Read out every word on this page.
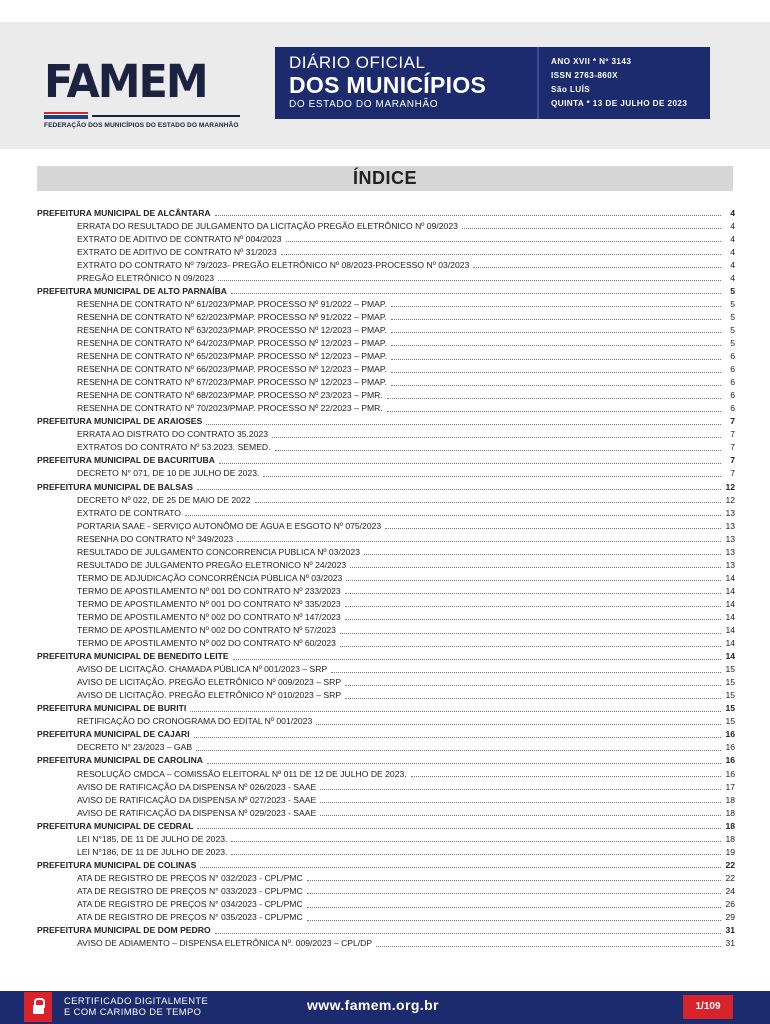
FAMEM
FEDERAÇÃO DOS MUNICÍPIOS DO ESTADO DO MARANHÃO
DIÁRIO OFICIAL
DOS MUNICÍPIOS
DO ESTADO DO MARANHÃO
ANO XVII * Nº 3143
ISSN 2763-860X
São LUÍS
QUINTA * 13 DE JULHO DE 2023
ÍNDICE
PREFEITURA MUNICIPAL DE ALCÂNTARA	4
ERRATA DO RESULTADO DE JULGAMENTO DA LICITAÇÃO PREGÃO ELETRÔNICO Nº 09/2023	4
EXTRATO DE ADITIVO DE CONTRATO Nº 004/2023	4
EXTRATO DE ADITIVO DE CONTRATO Nº 31/2023	4
EXTRATO DO CONTRATO Nº 79/2023- PREGÃO ELETRÔNICO Nº 08/2023-PROCESSO Nº 03/2023	4
PREGÃO ELETRÔNICO N 09/2023	4
PREFEITURA MUNICIPAL DE ALTO PARNAÍBA	5
RESENHA DE CONTRATO Nº 61/2023/PMAP. PROCESSO Nº 91/2022 – PMAP.	5
RESENHA DE CONTRATO Nº 62/2023/PMAP. PROCESSO Nº 91/2022 – PMAP.	5
RESENHA DE CONTRATO Nº 63/2023/PMAP. PROCESSO Nº 12/2023 – PMAP.	5
RESENHA DE CONTRATO Nº 64/2023/PMAP. PROCESSO Nº 12/2023 – PMAP.	5
RESENHA DE CONTRATO Nº 65/2023/PMAP. PROCESSO Nº 12/2023 – PMAP.	6
RESENHA DE CONTRATO Nº 66/2023/PMAP. PROCESSO Nº 12/2023 – PMAP.	6
RESENHA DE CONTRATO Nº 67/2023/PMAP. PROCESSO Nº 12/2023 – PMAP.	6
RESENHA DE CONTRATO Nº 68/2023/PMAP. PROCESSO Nº 23/2023 – PMR.	6
RESENHA DE CONTRATO Nº 70/2023/PMAP. PROCESSO Nº 22/2023 – PMR.	6
PREFEITURA MUNICIPAL DE ARAIOSES	7
ERRATA AO DISTRATO DO CONTRATO 35.2023	7
EXTRATOS DO CONTRATO Nº 53.2023. SEMED.	7
PREFEITURA MUNICIPAL DE BACURITUBA	7
DECRETO N° 071, DE 10 DE JULHO DE 2023.	7
PREFEITURA MUNICIPAL DE BALSAS	12
DECRETO Nº 022, DE 25 DE MAIO DE 2022	12
EXTRATO DE CONTRATO	13
PORTARIA SAAE - SERVIÇO AUTONÔMO DE ÁGUA E ESGOTO Nº 075/2023	13
RESENHA DO CONTRATO Nº 349/2023	13
RESULTADO DE JULGAMENTO CONCORRENCIA PUBLICA Nº 03/2023	13
RESULTADO DE JULGAMENTO PREGÃO ELETRONICO Nº 24/2023	13
TERMO DE ADJUDICAÇÃO CONCORRÊNCIA PÚBLICA Nº 03/2023	14
TERMO DE APOSTILAMENTO Nº 001 DO CONTRATO Nº 233/2023	14
TERMO DE APOSTILAMENTO Nº 001 DO CONTRATO Nº 335/2023	14
TERMO DE APOSTILAMENTO Nº 002 DO CONTRATO Nº 147/2023	14
TERMO DE APOSTILAMENTO Nº 002 DO CONTRATO Nº 57/2023	14
TERMO DE APOSTILAMENTO Nº 002 DO CONTRATO Nº 60/2023	14
PREFEITURA MUNICIPAL DE BENEDITO LEITE	14
AVISO DE LICITAÇÃO. CHAMADA PÚBLICA Nº 001/2023 – SRP	15
AVISO DE LICITAÇÃO. PREGÃO ELETRÔNICO Nº 009/2023 – SRP	15
AVISO DE LICITAÇÃO. PREGÃO ELETRÔNICO Nº 010/2023 – SRP	15
PREFEITURA MUNICIPAL DE BURITI	15
RETIFICAÇÃO DO CRONOGRAMA DO EDITAL Nº 001/2023	15
PREFEITURA MUNICIPAL DE CAJARI	16
DECRETO N° 23/2023 – GAB	16
PREFEITURA MUNICIPAL DE CAROLINA	16
RESOLUÇÃO CMDCA – COMISSÃO ELEITORAL Nº 011 DE 12 DE JULHO DE 2023.	16
AVISO DE RATIFICAÇÃO DA DISPENSA Nº 026/2023 - SAAE	17
AVISO DE RATIFICAÇÃO DA DISPENSA Nº 027/2023 - SAAE	18
AVISO DE RATIFICAÇÃO DA DISPENSA Nº 029/2023 - SAAE	18
PREFEITURA MUNICIPAL DE CEDRAL	18
LEI N°185, DE 11 DE JULHO DE 2023.	18
LEI N°186, DE 11 DE JULHO DE 2023.	19
PREFEITURA MUNICIPAL DE COLINAS	22
ATA DE REGISTRO DE PREÇOS N° 032/2023 - CPL/PMC	22
ATA DE REGISTRO DE PREÇOS N° 033/2023 - CPL/PMC	24
ATA DE REGISTRO DE PREÇOS N° 034/2023 - CPL/PMC	26
ATA DE REGISTRO DE PREÇOS N° 035/2023 - CPL/PMC	29
PREFEITURA MUNICIPAL DE DOM PEDRO	31
AVISO DE ADIAMENTO – DISPENSA ELETRÔNICA Nº. 009/2023 – CPL/DP	31
CERTIFICADO DIGITALMENTE
E COM CARIMBO DE TEMPO	www.famem.org.br	1/109
